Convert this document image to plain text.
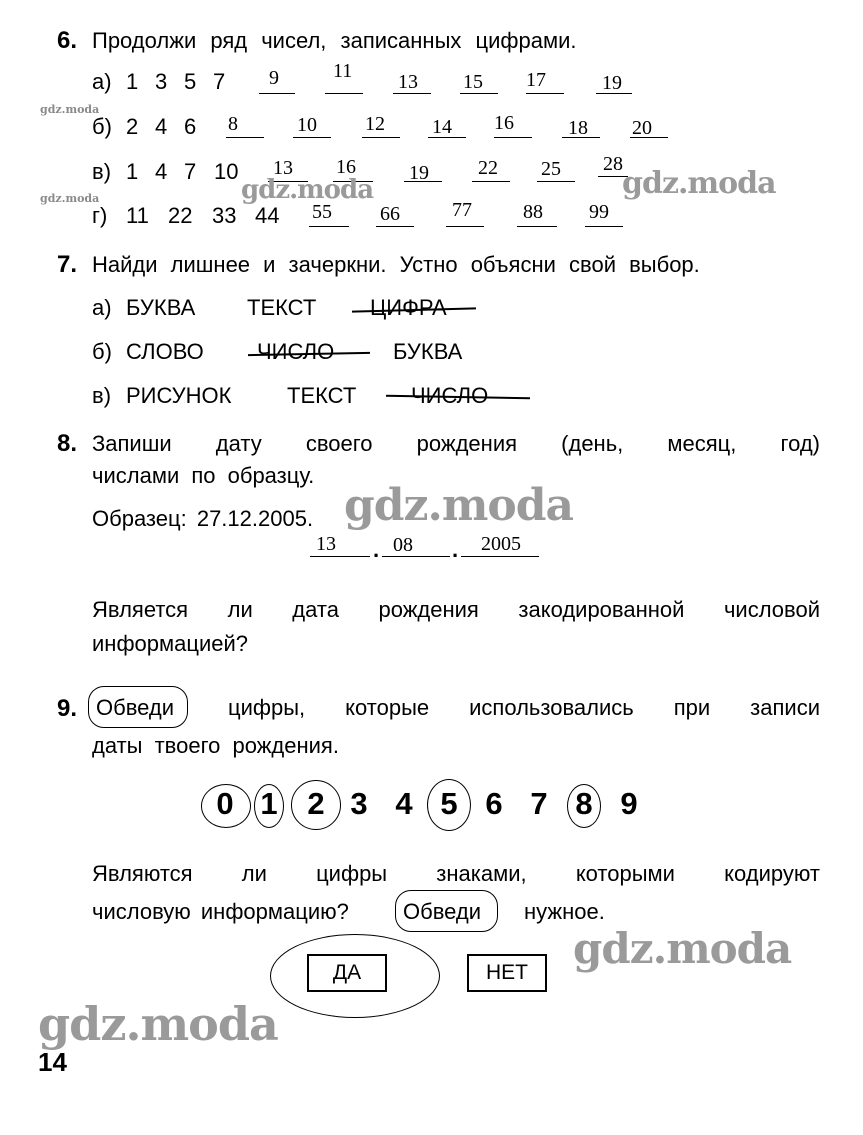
6. Продолжи ряд чисел, записанных цифрами.
а) 1 3 5 7 9	11 13 15 17	19
б) 2 4 6 8	10 12 14 16	18 20
в) 1 4 7 10 13 16	19 22 25 28
г) 11 22 33 44 55 66	77	88 99
7. Найди лишнее и зачеркни. Устно объясни свой выбор.
а) БУКВА ТЕКСТ ЦИФРА
б) СЛОВО ЧИСЛО	БУКВА
в) РИСУНОК	ТЕКСТ ЧИСЛО
8. Запиши дату своего рождения (день, месяц, год)
числами по образцу.
Образец: 27.12.2005.
13 . 08 . 2005
Является ли дата рождения закодированной числовой
информацией?
9. Обведи цифры, которые использовались при записи
даты твоего рождения.
0 1 2 3 4 5 6 7 8 9
Являются ли цифры знаками, которыми кодируют
числовую информацию? Обведи нужное.
ДА	НЕТ
gdz.moda
gdz.moda	gdz.moda	gdz.moda
gdz.moda
gdz.moda
gdz.moda
14
